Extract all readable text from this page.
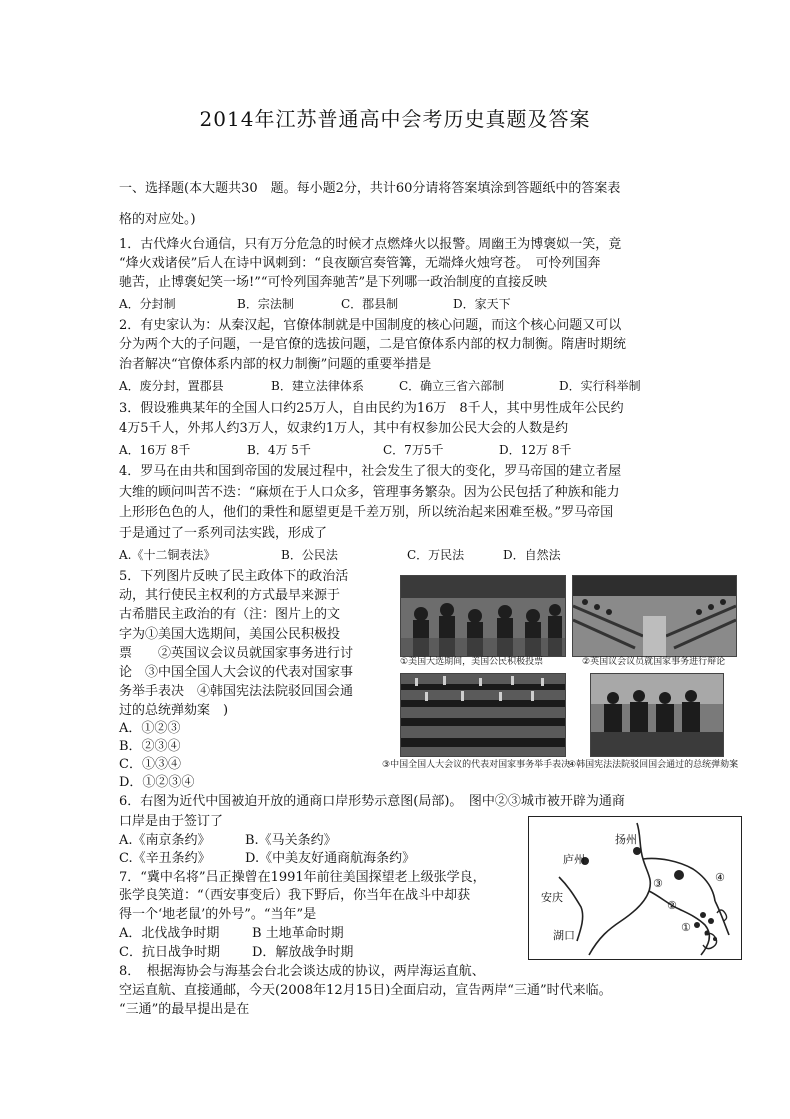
2014年江苏普通高中会考历史真题及答案
一、选择题(本大题共30　题。每小题2分，共计60分请将答案填涂到答题纸中的答案表
格的对应处。)
1．古代烽火台通信，只有万分危急的时候才点燃烽火以报警。周幽王为博褒姒一笑，竟
“烽火戏诸侯”后人在诗中讽刺到：“良夜颐宫奏管篝，无端烽火烛穹苍。　可怜列国奔
驰苦，止博褒妃笑一场!”“可怜列国奔驰苦”是下列哪一政治制度的直接反映
A．分封制	B．宗法制	C．郡县制	D．家天下
2．有史家认为：从秦汉起，官僚体制就是中国制度的核心问题，而这个核心问题又可以
分为两个大的子问题，一是官僚的选拔问题，二是官僚体系内部的权力制衡。隋唐时期统
治者解决“官僚体系内部的权力制衡”问题的重要举措是
A．废分封，置郡县	B．建立法律体系	C．确立三省六部制	D．实行科举制
3．假设雅典某年的全国人口约25万人，自由民约为16万　8千人，其中男性成年公民约
4万5千人，外邦人约3万人，奴隶约1万人，其中有权参加公民大会的人数是约
A．16万 8千	B．4万 5千	C．7万5千	D．12万 8千
4．罗马在由共和国到帝国的发展过程中，社会发生了很大的变化，罗马帝国的建立者屋
大维的顾问叫苦不迭：“麻烦在于人口众多，管理事务繁杂。因为公民包括了种族和能力
上形形色色的人，他们的秉性和愿望更是千差万别，所以统治起来困难至极。”罗马帝国
于是通过了一系列司法实践，形成了
A.《十二铜表法》	B．公民法	C．万民法	D．自然法
5．下列图片反映了民主政体下的政治活
动，其行使民主权利的方式最早来源于
古希腊民主政治的有（注：图片上的文
字为①美国大选期间，美国公民积极投
票　　②英国议会议员就国家事务进行讨
论　③中国全国人大会议的代表对国家事
务举手表决　④韩国宪法法院驳回国会通
过的总统弹劾案　)
A．①②③
B．②③④
C．①③④
D．①②③④
①美国大选期间，美国公民积极投票	②英国议会议员就国家事务进行辩论
③中国全国人大会议的代表对国家事务举手表决
④韩国宪法法院驳回国会通过的总统弹劾案
6．右图为近代中国被迫开放的通商口岸形势示意图(局部)。　图中②③城市被开辟为通商
口岸是由于签订了
A.《南京条约》	B.《马关条约》
C.《辛丑条约》	D.《中美友好通商航海条约》
扬州
庐州
安庆
湖口
①
②
③	④
7．“冀中名将”吕正操曾在1991年前往美国探望老上级张学良，
张学良笑道：“（西安事变后）我下野后，你当年在战斗中却获
得一个‘地老鼠’的外号”。“当年”是
A．北伐战争时期	B 土地革命时期
C．抗日战争时期 D．解放战争时期
8．　根据海协会与海基会台北会谈达成的协议，两岸海运直航、
空运直航、直接通邮，今天(2008年12月15日)全面启动，宣告两岸“三通”时代来临。
“三通”的最早提出是在
